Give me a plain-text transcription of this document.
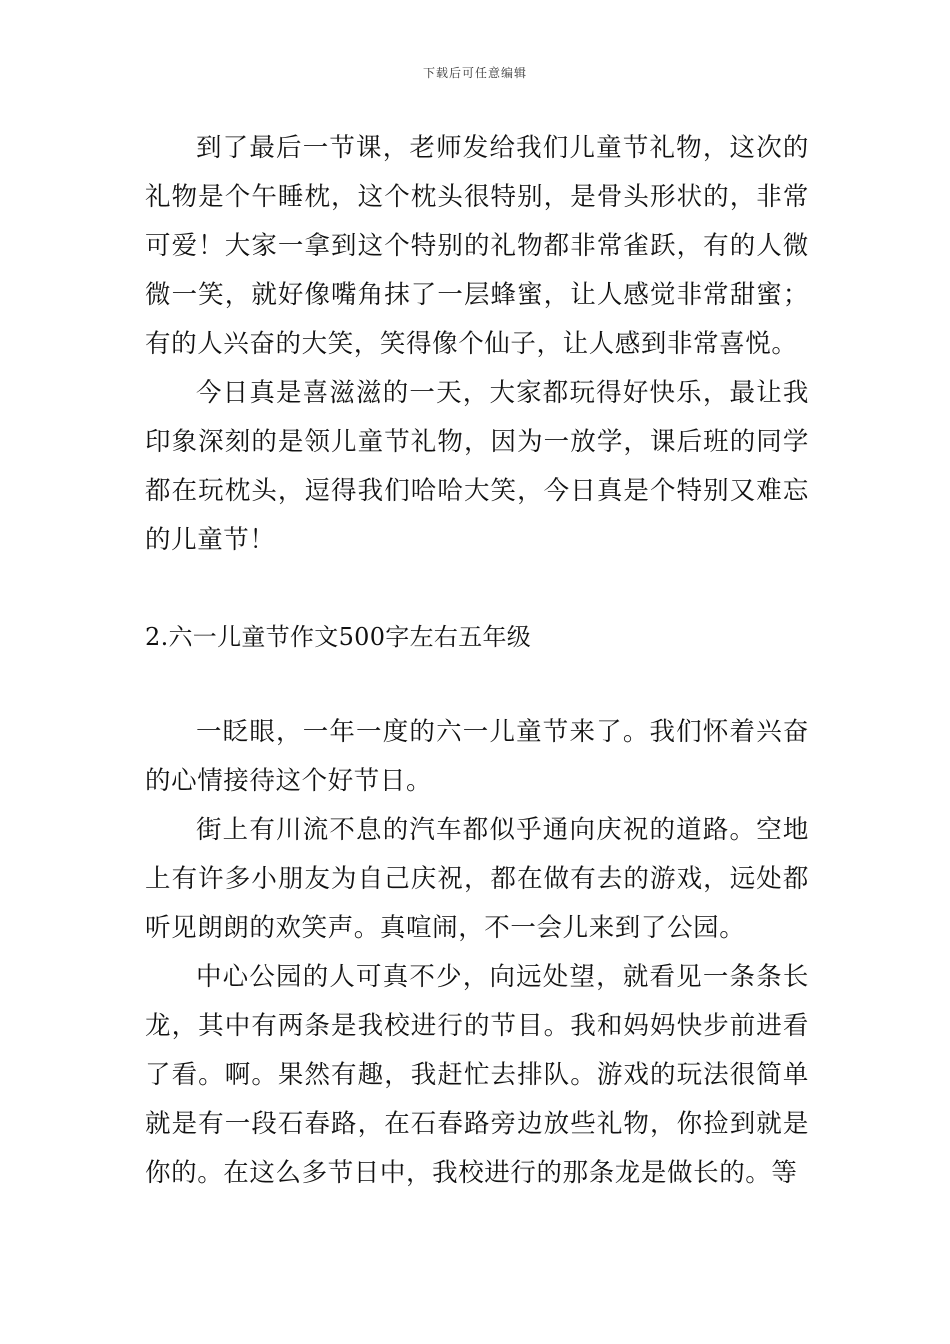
下载后可任意编辑

到了最后一节课，老师发给我们儿童节礼物，这次的礼物是个午睡枕，这个枕头很特别，是骨头形状的，非常可爱！大家一拿到这个特别的礼物都非常雀跃，有的人微微一笑，就好像嘴角抹了一层蜂蜜，让人感觉非常甜蜜；有的人兴奋的大笑，笑得像个仙子，让人感到非常喜悦。

今日真是喜滋滋的一天，大家都玩得好快乐，最让我印象深刻的是领儿童节礼物，因为一放学，课后班的同学都在玩枕头，逗得我们哈哈大笑，今日真是个特别又难忘的儿童节！

2.六一儿童节作文500字左右五年级

一眨眼，一年一度的六一儿童节来了。我们怀着兴奋的心情接待这个好节日。

街上有川流不息的汽车都似乎通向庆祝的道路。空地上有许多小朋友为自己庆祝，都在做有去的游戏，远处都听见朗朗的欢笑声。真喧闹，不一会儿来到了公园。

中心公园的人可真不少，向远处望，就看见一条条长龙，其中有两条是我校进行的节目。我和妈妈快步前进看了看。啊。果然有趣，我赶忙去排队。游戏的玩法很简单就是有一段石春路，在石春路旁边放些礼物，你捡到就是你的。在这么多节日中，我校进行的那条龙是做长的。等
